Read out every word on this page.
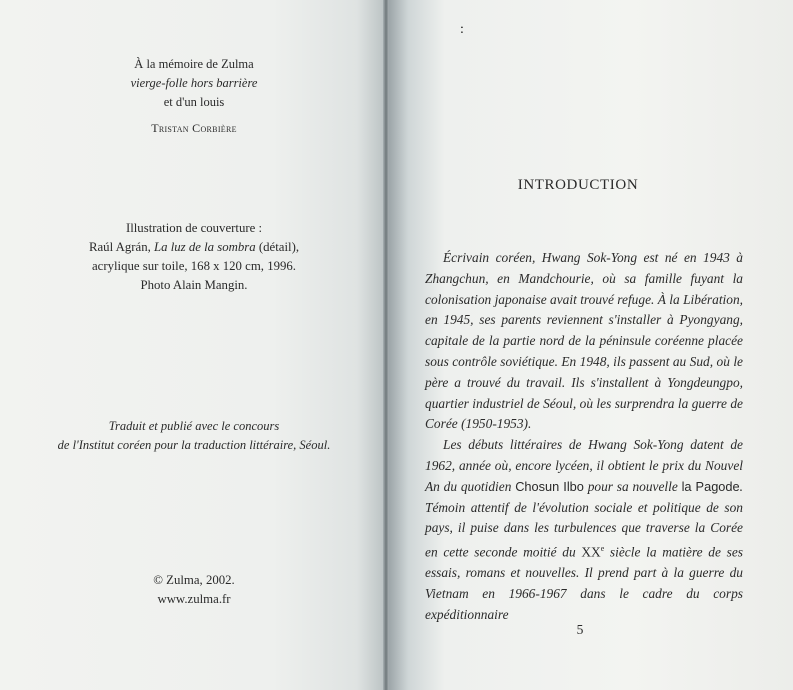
À la mémoire de Zulma
vierge-folle hors barrière
et d'un louis
Tristan Corbière
Illustration de couverture :
Raúl Agrán, La luz de la sombra (détail),
acrylique sur toile, 168 x 120 cm, 1996.
Photo Alain Mangin.
Traduit et publié avec le concours
de l'Institut coréen pour la traduction littéraire, Séoul.
© Zulma, 2002.
www.zulma.fr
:
INTRODUCTION

Écrivain coréen, Hwang Sok-Yong est né en 1943 à Zhangchun, en Mandchourie, où sa famille fuyant la colonisation japonaise avait trouvé refuge. À la Libération, en 1945, ses parents reviennent s'installer à Pyongyang, capitale de la partie nord de la péninsule coréenne placée sous contrôle soviétique. En 1948, ils passent au Sud, où le père a trouvé du travail. Ils s'installent à Yongdeungpo, quartier industriel de Séoul, où les surprendra la guerre de Corée (1950-1953).

Les débuts littéraires de Hwang Sok-Yong datent de 1962, année où, encore lycéen, il obtient le prix du Nouvel An du quotidien Chosun Ilbo pour sa nouvelle la Pagode. Témoin attentif de l'évolution sociale et politique de son pays, il puise dans les turbulences que traverse la Corée en cette seconde moitié du XXe siècle la matière de ses essais, romans et nouvelles. Il prend part à la guerre du Vietnam en 1966-1967 dans le cadre du corps expéditionnaire

5
